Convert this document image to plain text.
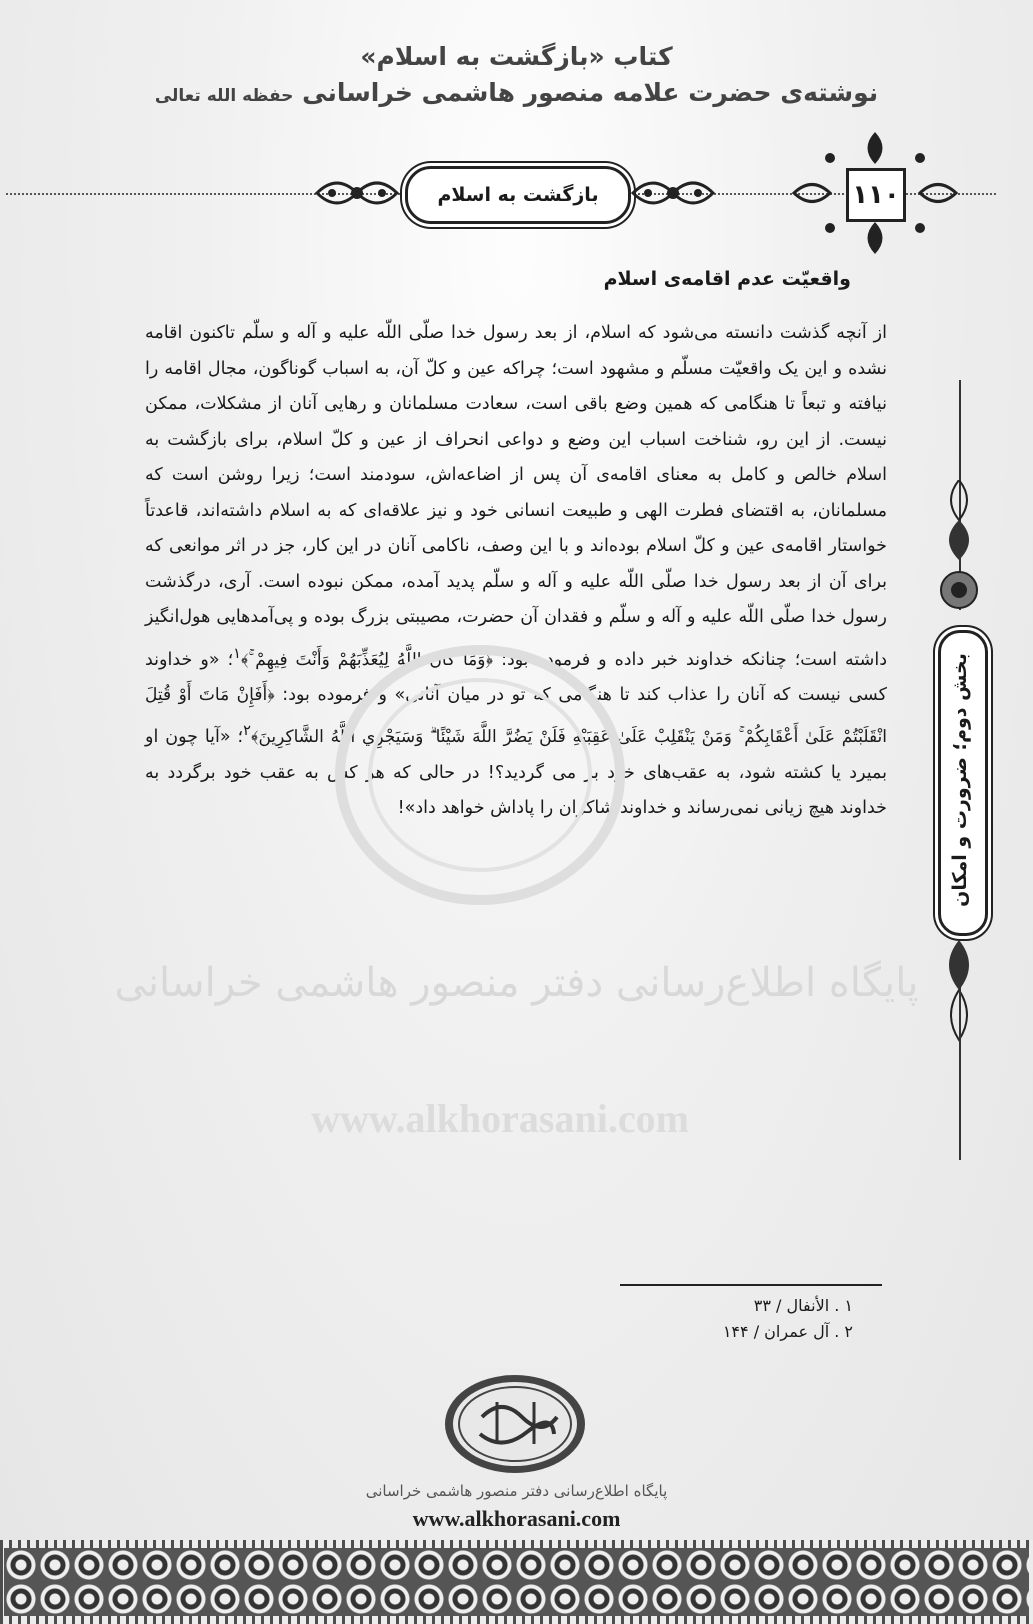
کتاب «بازگشت به اسلام»
نوشته‌ی حضرت علامه منصور هاشمی خراسانی حفظه الله تعالی
بازگشت به اسلام	۱۱۰
واقعیّت عدم اقامه‌ی اسلام
از آنچه گذشت دانسته می‌شود که اسلام، از بعد رسول خدا صلّی اللّه علیه و آله و سلّم تاکنون اقامه نشده و این یک واقعیّت مسلّم و مشهود است؛ چراکه عین و کلّ آن، به اسباب گوناگون، مجال اقامه را نیافته و تبعاً تا هنگامی که همین وضع باقی است، سعادت مسلمانان و رهایی آنان از مشکلات، ممکن نیست. از این رو، شناخت اسباب این وضع و دواعی انحراف از عین و کلّ اسلام، برای بازگشت به اسلام خالص و کامل به معنای اقامه‌ی آن پس از اضاعه‌اش، سودمند است؛ زیرا روشن است که مسلمانان، به اقتضای فطرت الهی و طبیعت انسانی خود و نیز علاقه‌ای که به اسلام داشته‌اند، قاعدتاً خواستار اقامه‌ی عین و کلّ اسلام بوده‌اند و با این وصف، ناکامی آنان در این کار، جز در اثر موانعی که برای آن از بعد رسول خدا صلّی اللّه علیه و آله و سلّم پدید آمده، ممکن نبوده است. آری، درگذشت رسول خدا صلّی اللّه علیه و آله و سلّم و فقدان آن حضرت، مصیبتی بزرگ بوده و پی‌آمدهایی هول‌انگیز داشته است؛ چنانکه خداوند خبر داده و فرموده بود: ﴿وَمَا كَانَ اللَّهُ لِيُعَذِّبَهُمْ وَأَنْتَ فِيهِمْ ۚ﴾$^۱$؛ «و خداوند کسی نیست که آنان را عذاب کند تا هنگامی که تو در میان آنانی» و فرموده بود: ﴿أَفَإِنْ مَاتَ أَوْ قُتِلَ انْقَلَبْتُمْ عَلَىٰ أَعْقَابِكُمْ ۚ وَمَنْ يَنْقَلِبْ عَلَىٰ عَقِبَيْهِ فَلَنْ يَضُرَّ اللَّهَ شَيْئًا ۗ وَسَيَجْزِي اللَّهُ الشَّاكِرِينَ﴾$^۲$؛ «آیا چون او بمیرد یا کشته شود، به عقب‌های خود بر می گردید؟! در حالی که هر کس به عقب خود برگردد به خداوند هیچ زیانی نمی‌رساند و خداوند شاکران را پاداش خواهد داد»!	بخش دوم؛ ضرورت و امکان
پایگاه اطلاع‌رسانی دفتر منصور هاشمی خراسانی
www.alkhorasani.com
۱ . الأنفال / ۳۳
۲ . آل عمران / ۱۴۴
پایگاه اطلاع‌رسانی دفتر منصور هاشمی خراسانی
www.alkhorasani.com
